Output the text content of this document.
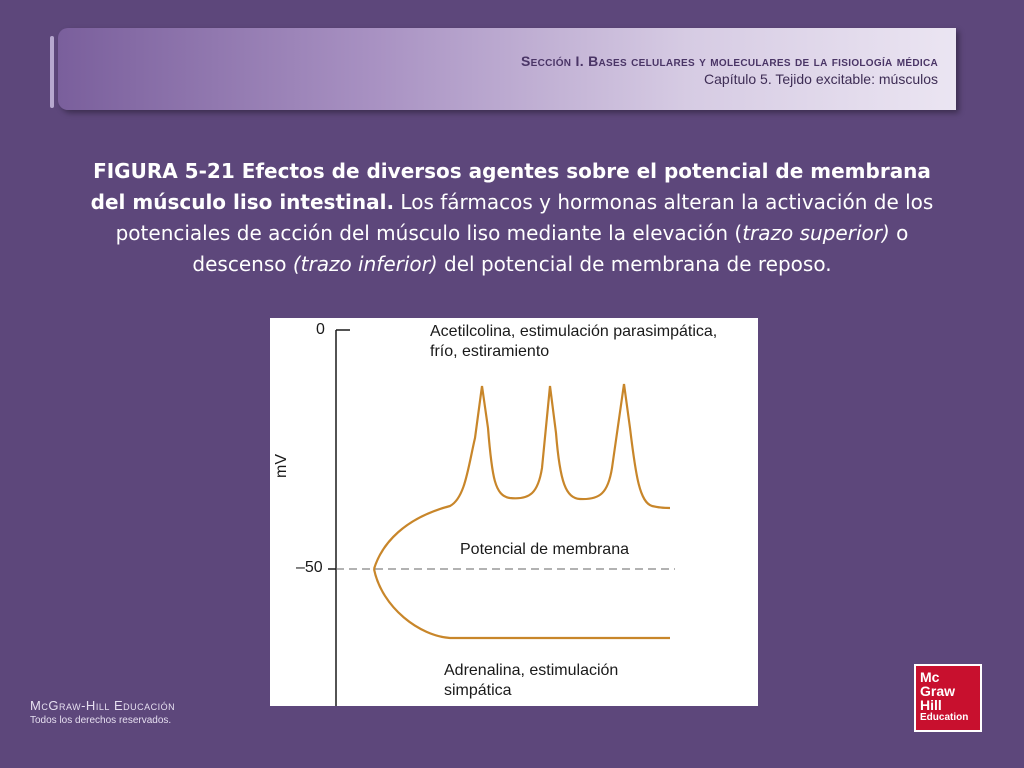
Sección I. Bases celulares y moleculares de la fisiología médica
Capítulo 5. Tejido excitable: músculos
FIGURA 5-21 Efectos de diversos agentes sobre el potencial de membrana del músculo liso intestinal. Los fármacos y hormonas alteran la activación de los potenciales de acción del músculo liso mediante la elevación (trazo superior) o descenso (trazo inferior) del potencial de membrana de reposo.
0
–50
mV
Acetilcolina, estimulación parasimpática,
frío, estiramiento
Potencial de membrana
Adrenalina, estimulación
simpática
McGraw-Hill Educación
Todos los derechos reservados.
Mc
Graw
Hill
Education
